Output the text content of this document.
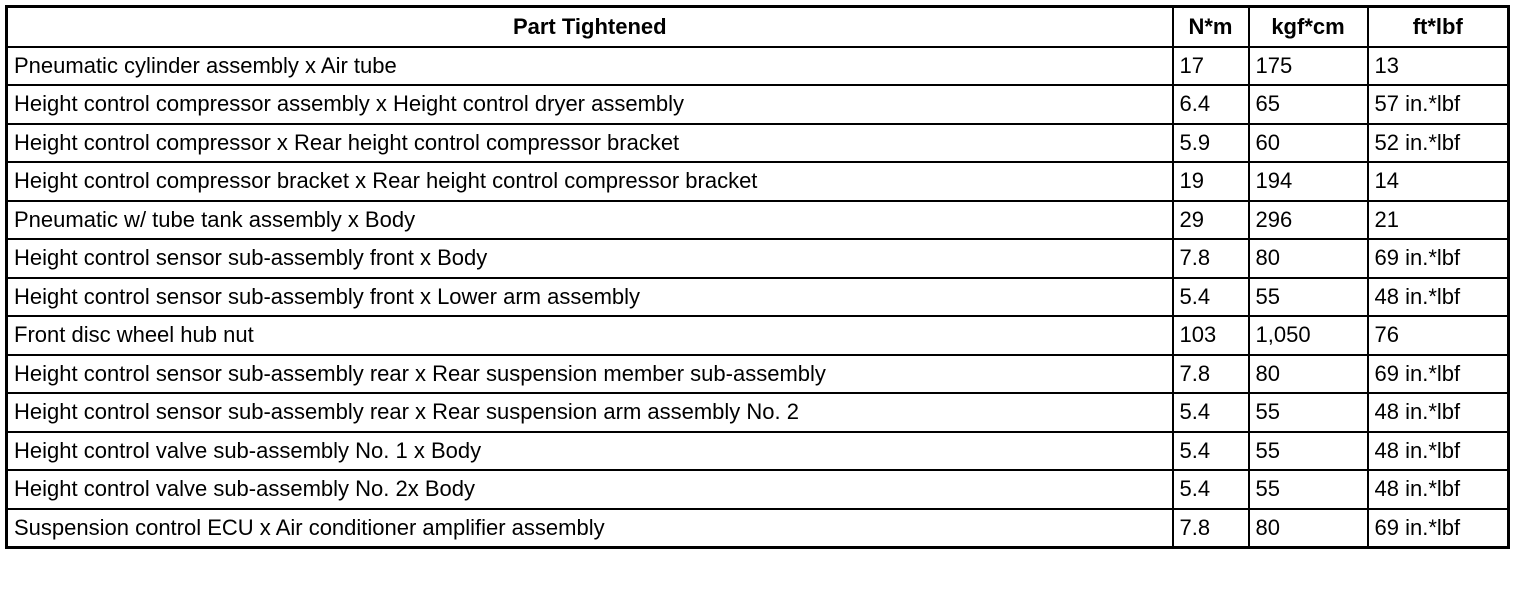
Part Tightened	N*m	kgf*cm	ft*lbf
Pneumatic cylinder assembly x Air tube	17	175	13
Height control compressor assembly x Height control dryer assembly	6.4	65	57 in.*lbf
Height control compressor x Rear height control compressor bracket	5.9	60	52 in.*lbf
Height control compressor bracket x Rear height control compressor bracket	19	194	14
Pneumatic w/ tube tank assembly x Body	29	296	21
Height control sensor sub-assembly front x Body	7.8	80	69 in.*lbf
Height control sensor sub-assembly front x Lower arm assembly	5.4	55	48 in.*lbf
Front disc wheel hub nut	103	1,050	76
Height control sensor sub-assembly rear x Rear suspension member sub-assembly	7.8	80	69 in.*lbf
Height control sensor sub-assembly rear x Rear suspension arm assembly No. 2	5.4	55	48 in.*lbf
Height control valve sub-assembly No. 1 x Body	5.4	55	48 in.*lbf
Height control valve sub-assembly No. 2x Body	5.4	55	48 in.*lbf
Suspension control ECU x Air conditioner amplifier assembly	7.8	80	69 in.*lbf
